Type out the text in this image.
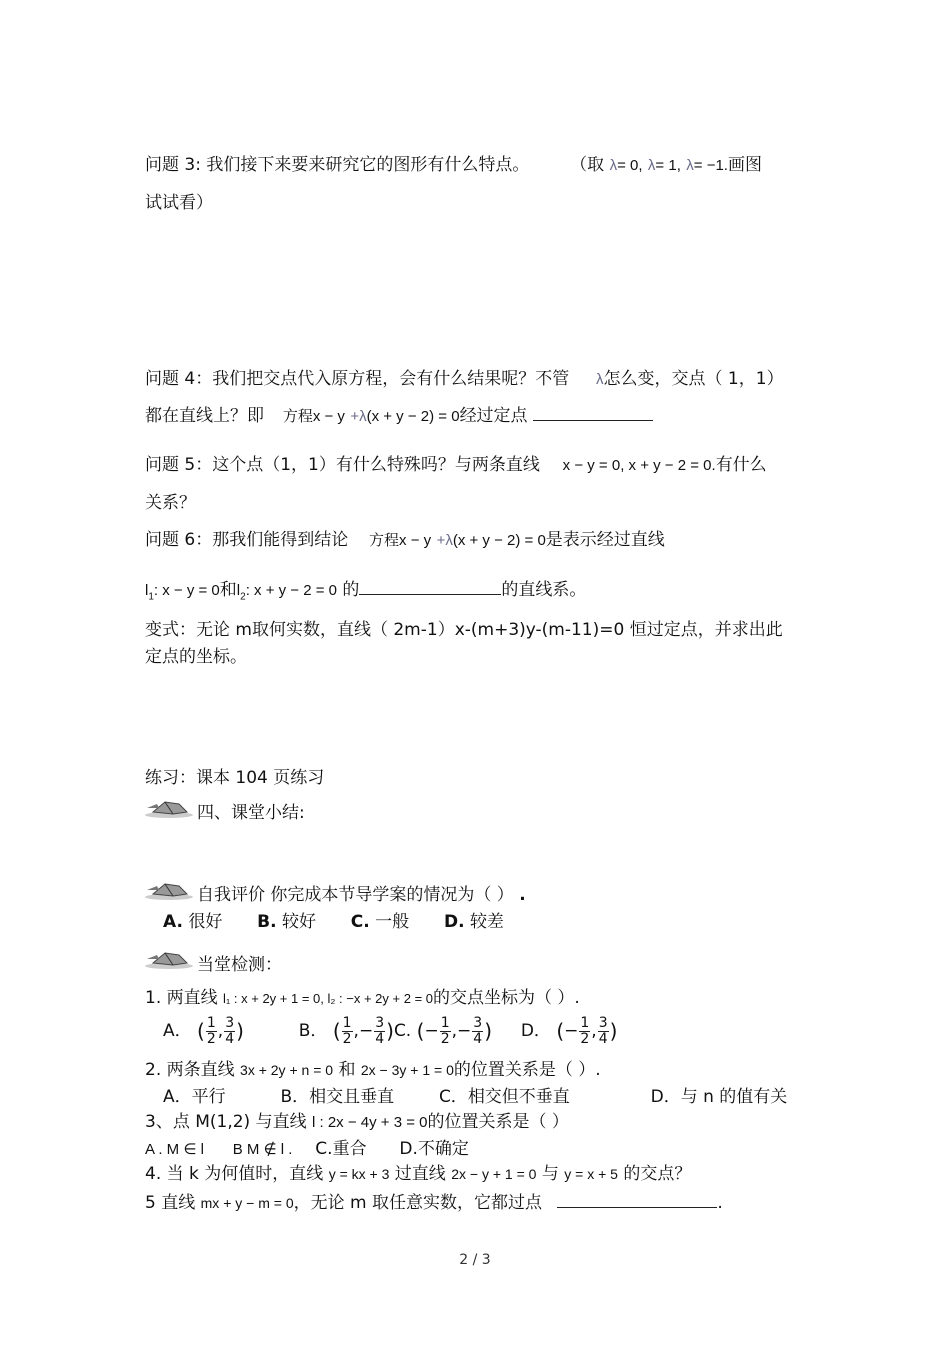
问题 3: 我们接下来要来研究它的图形有什么特点。 （取 λ= 0, λ= 1, λ= −1.画图
试试看）
问题 4：我们把交点代入原方程，会有什么结果呢？不管 λ怎么变，交点（ 1，1）
都在直线上？即 方程x − y +λ(x + y − 2) = 0经过定点
问题 5：这个点（1，1）有什么特殊吗？与两条直线 x − y = 0, x + y − 2 = 0.有什么
关系？
问题 6：那我们能得到结论 方程x − y +λ(x + y − 2) = 0是表示经过直线
$l_1$: x − y = 0和$l_2$: x + y − 2 = 0 的	的直线系。
变式：无论 m取何实数，直线（ 2m-1）x-(m+3)y-(m-11)=0 恒过定点，并求出此
定点的坐标。
练习：课本 104 页练习
四、课堂小结:
自我评价 你完成本节导学案的情况为（ ） .
A. 很好 B. 较好 C. 一般 D. 较差
当堂检测：
1. 两直线 l₁ : x + 2y + 1 = 0, l₂ : −x + 2y + 2 = 0的交点坐标为（ ）.
A． ( $\frac{1}{2}$ , $\frac{3}{4}$ )	B． ( $\frac{1}{2}$ ,− $\frac{3}{4} )C$. (− $\frac{1}{2}$ ,− $\frac{3}{4}$ ) D． (− $\frac{1}{2}$ , $\frac{3}{4}$ )
2. 两条直线 3x + 2y + n = 0 和 2x − 3y + 1 = 0的位置关系是（ ）.
A．平行	B．相交且垂直	C．相交但不垂直	D．与 n 的值有关
3、点 M(1,2) 与直线 l : 2x − 4y + 3 = 0的位置关系是（ ）
A . M ∈ l B M ∉ l . C.重合 D.不确定
4. 当 k 为何值时，直线 y = kx + 3 过直线 2x − y + 1 = 0 与 y = x + 5 的交点？
5 直线 mx + y − m = 0，无论 m 取任意实数，它都过点	.
2 / 3
